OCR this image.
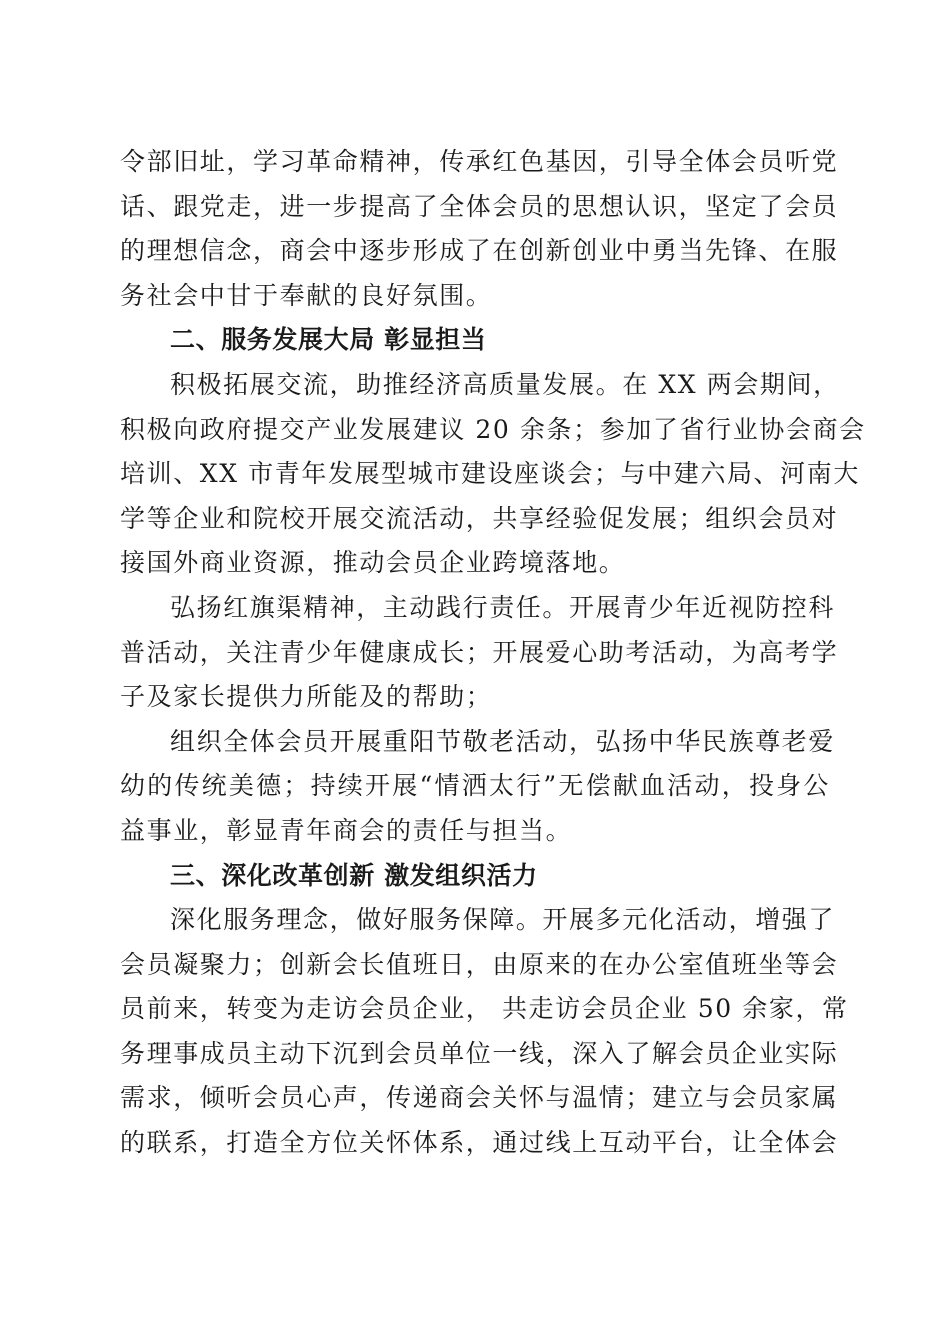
令部旧址，学习革命精神，传承红色基因，引导全体会员听党
话、跟党走，进一步提高了全体会员的思想认识，坚定了会员
的理想信念，商会中逐步形成了在创新创业中勇当先锋、在服
务社会中甘于奉献的良好氛围。
二、服务发展大局 彰显担当
积极拓展交流，助推经济高质量发展。在 XX 两会期间，
积极向政府提交产业发展建议 20 余条；参加了省行业协会商会
培训、XX 市青年发展型城市建设座谈会；与中建六局、河南大
学等企业和院校开展交流活动，共享经验促发展；组织会员对
接国外商业资源，推动会员企业跨境落地。
弘扬红旗渠精神，主动践行责任。开展青少年近视防控科
普活动，关注青少年健康成长；开展爱心助考活动，为高考学
子及家长提供力所能及的帮助；
组织全体会员开展重阳节敬老活动，弘扬中华民族尊老爱
幼的传统美德；持续开展“情洒太行”无偿献血活动，投身公
益事业，彰显青年商会的责任与担当。
三、深化改革创新 激发组织活力
深化服务理念，做好服务保障。开展多元化活动，增强了
会员凝聚力；创新会长值班日，由原来的在办公室值班坐等会
员前来，转变为走访会员企业， 共走访会员企业 50 余家，常
务理事成员主动下沉到会员单位一线，深入了解会员企业实际
需求，倾听会员心声，传递商会关怀与温情；建立与会员家属
的联系，打造全方位关怀体系，通过线上互动平台，让全体会
